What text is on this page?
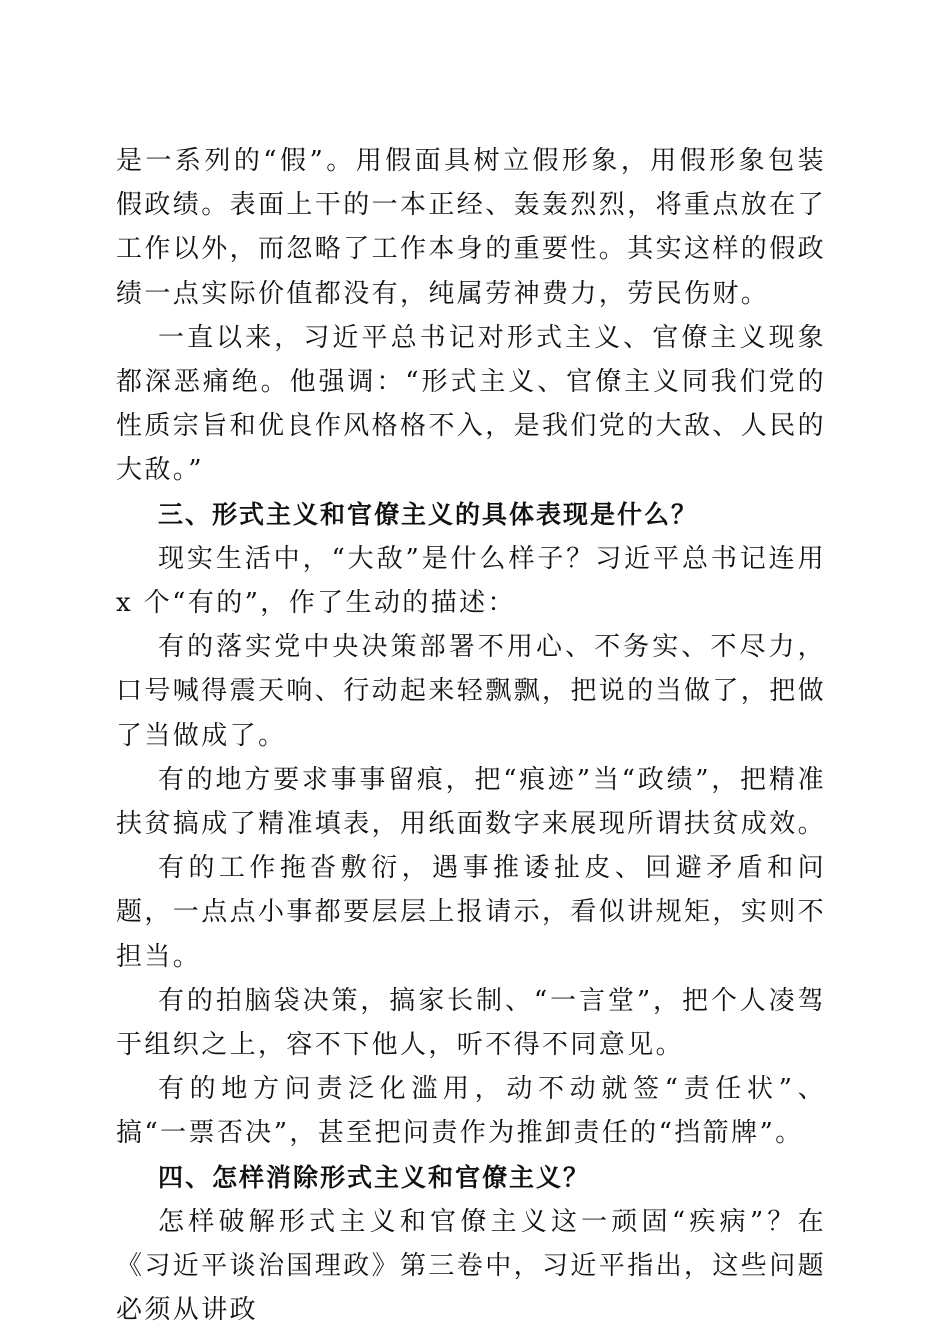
是一系列的“假”。用假面具树立假形象，用假形象包装假政绩。表面上干的一本正经、轰轰烈烈，将重点放在了工作以外，而忽略了工作本身的重要性。其实这样的假政绩一点实际价值都没有，纯属劳神费力，劳民伤财。

一直以来，习近平总书记对形式主义、官僚主义现象都深恶痛绝。他强调：“形式主义、官僚主义同我们党的性质宗旨和优良作风格格不入，是我们党的大敌、人民的大敌。”

三、形式主义和官僚主义的具体表现是什么？

现实生活中，“大敌”是什么样子？习近平总书记连用 x 个“有的”，作了生动的描述：

有的落实党中央决策部署不用心、不务实、不尽力，口号喊得震天响、行动起来轻飘飘，把说的当做了，把做了当做成了。

有的地方要求事事留痕，把“痕迹”当“政绩”，把精准扶贫搞成了精准填表，用纸面数字来展现所谓扶贫成效。

有的工作拖沓敷衍，遇事推诿扯皮、回避矛盾和问题，一点点小事都要层层上报请示，看似讲规矩，实则不担当。

有的拍脑袋决策，搞家长制、“一言堂”，把个人凌驾于组织之上，容不下他人，听不得不同意见。

有的地方问责泛化滥用，动不动就签“责任状”、搞“一票否决”，甚至把问责作为推卸责任的“挡箭牌”。

四、怎样消除形式主义和官僚主义？

怎样破解形式主义和官僚主义这一顽固“疾病”？在《习近平谈治国理政》第三卷中，习近平指出，这些问题必须从讲政
